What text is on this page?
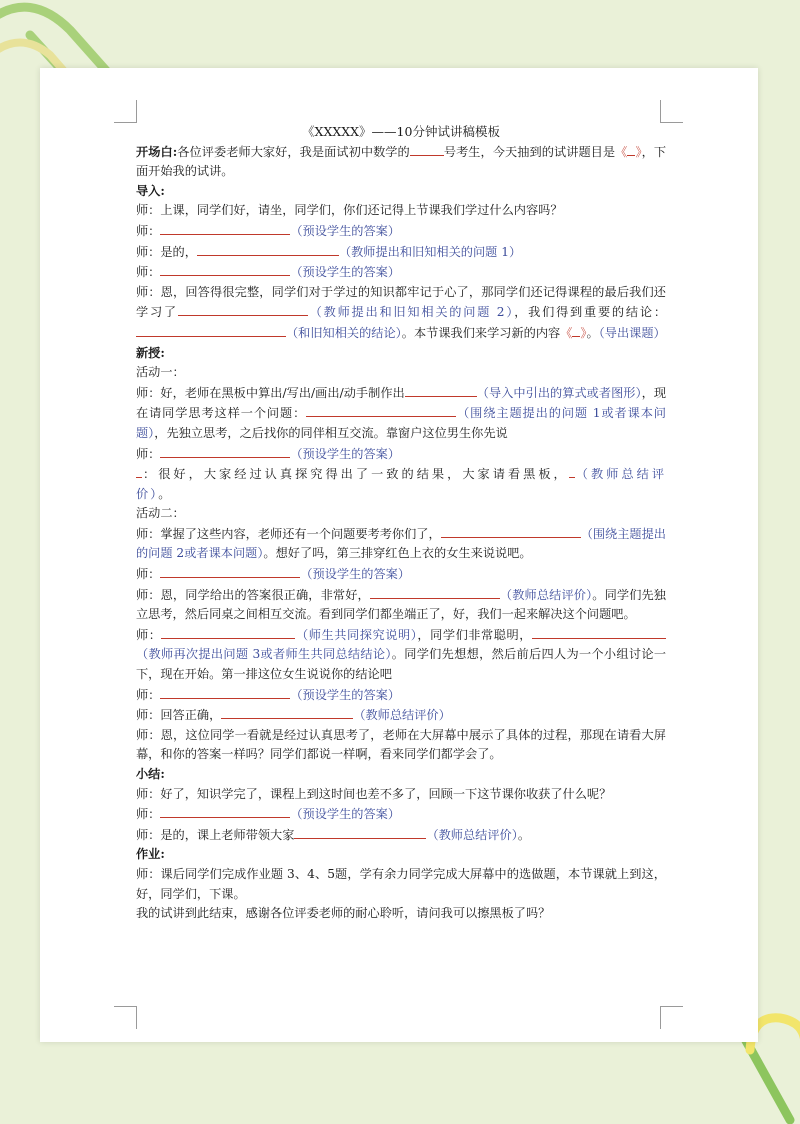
《XXXXX》——10分钟试讲稿模板

开场白:各位评委老师大家好，我是面试初中数学的	号考生，今天抽到的试讲题目是《 》，下面开始我的试讲。

导入:

师：上课，同学们好，请坐，同学们，你们还记得上节课我们学过什么内容吗？

师：	（预设学生的答案）

师：是的，	（教师提出和旧知相关的问题 1）

师：	（预设学生的答案）

师：恩，回答得很完整，同学们对于学过的知识都牢记于心了，那同学们还记得课程的最后我们还学习了	（教师提出和旧知相关的问题 2），我们得到重要的结论：（和旧知相关的结论）。本节课我们来学习新的内容《 》。（导出课题）

新授:

活动一：

师：好，老师在黑板中算出/写出/画出/动手制作出	（导入中引出的算式或者图形），现在请同学思考这样一个问题：	（围绕主题提出的问题 1或者课本问题），先独立思考，之后找你的同伴相互交流。靠窗户这位男生你先说

师：	（预设学生的答案）

：很好，大家经过认真探究得出了一致的结果，大家请看黑板， （教师总结评价）。

活动二：

师：掌握了这些内容，老师还有一个问题要考考你们了，	（围绕主题提出的问题 2或者课本问题）。想好了吗，第三排穿红色上衣的女生来说说吧。

师：	（预设学生的答案）

师：恩，同学给出的答案很正确，非常好，	（教师总结评价）。同学们先独立思考，然后同桌之间相互交流。看到同学们都坐端正了，好，我们一起来解决这个问题吧。

师：	（师生共同探究说明），同学们非常聪明，（教师再次提出问题 3或者师生共同总结结论）。同学们先想想，然后前后四人为一个小组讨论一下，现在开始。第一排这位女生说说你的结论吧

师：	（预设学生的答案）

师：回答正确，	（教师总结评价）

师：恩，这位同学一看就是经过认真思考了，老师在大屏幕中展示了具体的过程，那现在请看大屏幕，和你的答案一样吗？同学们都说一样啊，看来同学们都学会了。

小结:

师：好了，知识学完了，课程上到这时间也差不多了，回顾一下这节课你收获了什么呢？

师：	（预设学生的答案）

师：是的，课上老师带领大家	（教师总结评价）。

作业:

师：课后同学们完成作业题 3、4、5题，学有余力同学完成大屏幕中的选做题，本节课就上到这，好，同学们，下课。

我的试讲到此结束，感谢各位评委老师的耐心聆听，请问我可以擦黑板了吗？
